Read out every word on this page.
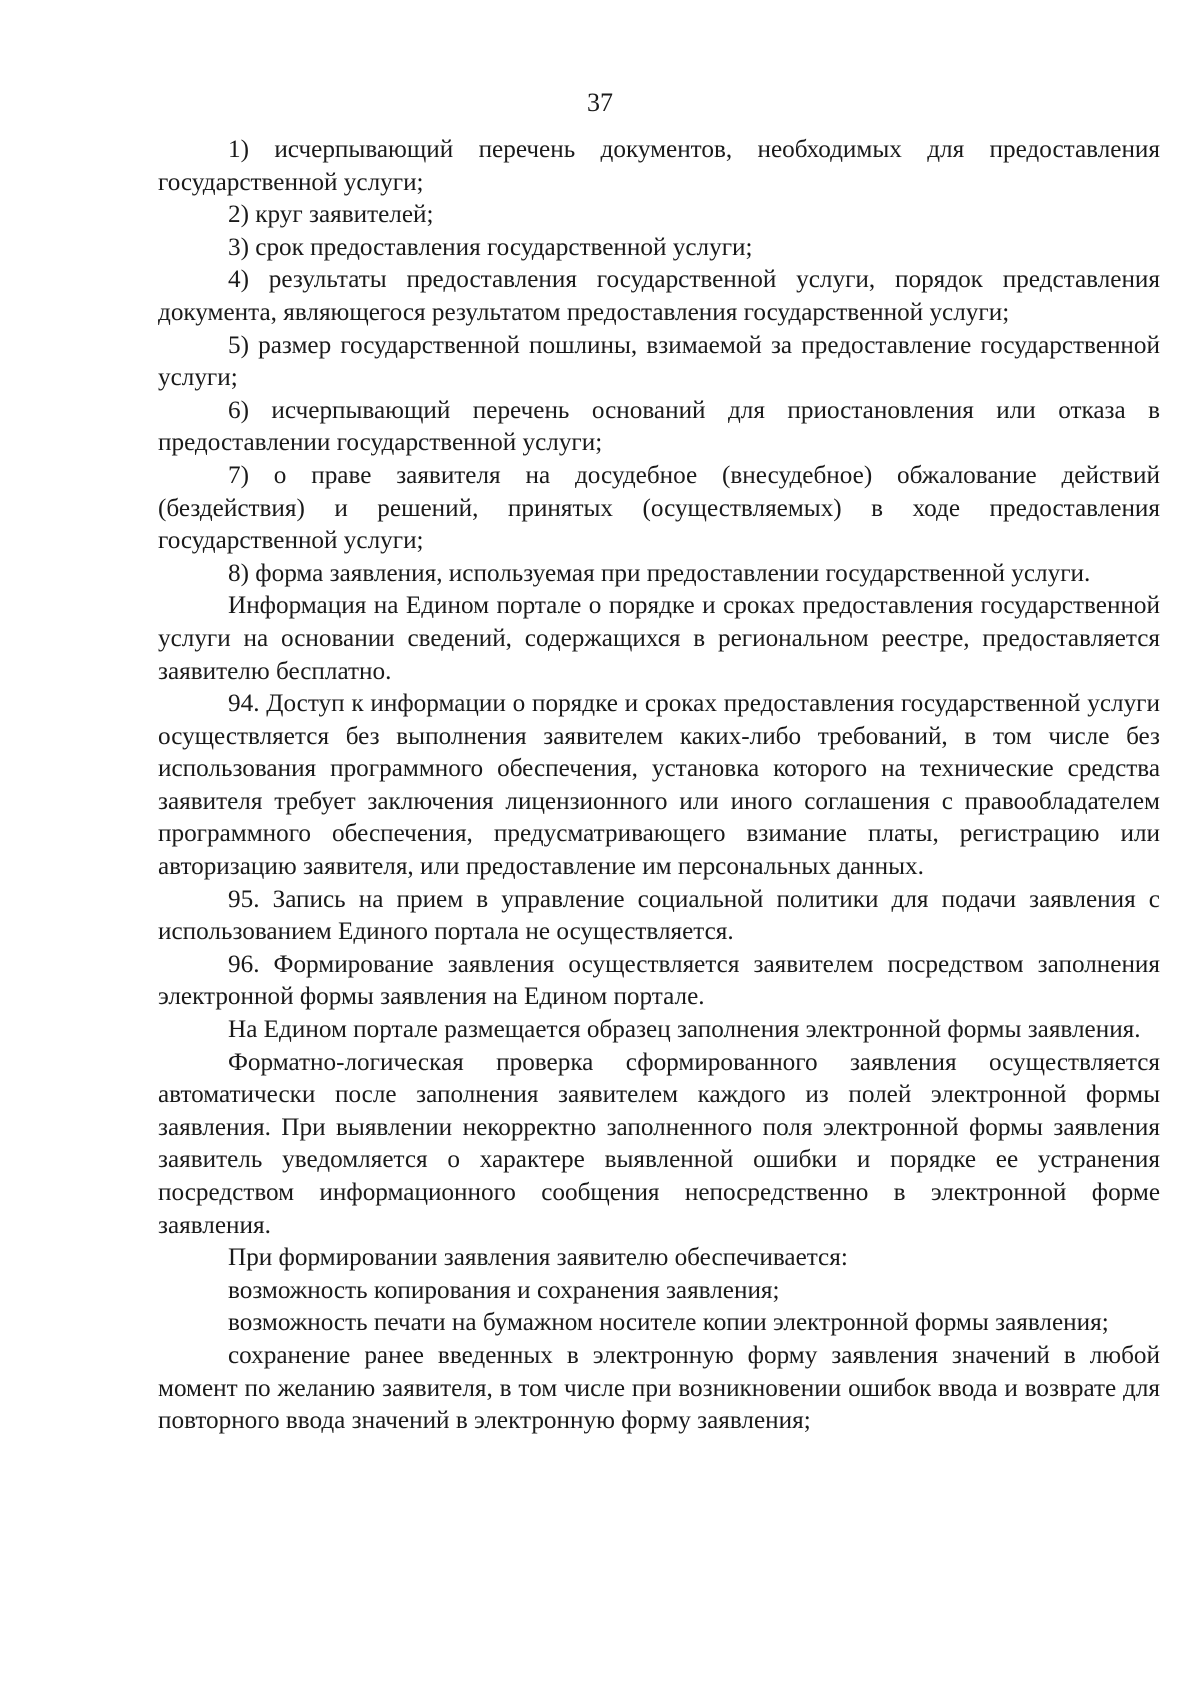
37

1) исчерпывающий перечень документов, необходимых для предоставления государственной услуги;

2) круг заявителей;

3) срок предоставления государственной услуги;

4) результаты предоставления государственной услуги, порядок представления документа, являющегося результатом предоставления государственной услуги;

5) размер государственной пошлины, взимаемой за предоставление государственной услуги;

6) исчерпывающий перечень оснований для приостановления или отказа в предоставлении государственной услуги;

7) о праве заявителя на досудебное (внесудебное) обжалование действий (бездействия) и решений, принятых (осуществляемых) в ходе предоставления государственной услуги;

8) форма заявления, используемая при предоставлении государственной услуги.

Информация на Едином портале о порядке и сроках предоставления государственной услуги на основании сведений, содержащихся в региональном реестре, предоставляется заявителю бесплатно.

94. Доступ к информации о порядке и сроках предоставления государственной услуги осуществляется без выполнения заявителем каких-либо требований, в том числе без использования программного обеспечения, установка которого на технические средства заявителя требует заключения лицензионного или иного соглашения с правообладателем программного обеспечения, предусматривающего взимание платы, регистрацию или авторизацию заявителя, или предоставление им персональных данных.

95. Запись на прием в управление социальной политики для подачи заявления с использованием Единого портала не осуществляется.

96. Формирование заявления осуществляется заявителем посредством заполнения электронной формы заявления на Едином портале.

На Едином портале размещается образец заполнения электронной формы заявления.

Форматно-логическая проверка сформированного заявления осуществляется автоматически после заполнения заявителем каждого из полей электронной формы заявления. При выявлении некорректно заполненного поля электронной формы заявления заявитель уведомляется о характере выявленной ошибки и порядке ее устранения посредством информационного сообщения непосредственно в электронной форме заявления.

При формировании заявления заявителю обеспечивается:

возможность копирования и сохранения заявления;

возможность печати на бумажном носителе копии электронной формы заявления;

сохранение ранее введенных в электронную форму заявления значений в любой момент по желанию заявителя, в том числе при возникновении ошибок ввода и возврате для повторного ввода значений в электронную форму заявления;
